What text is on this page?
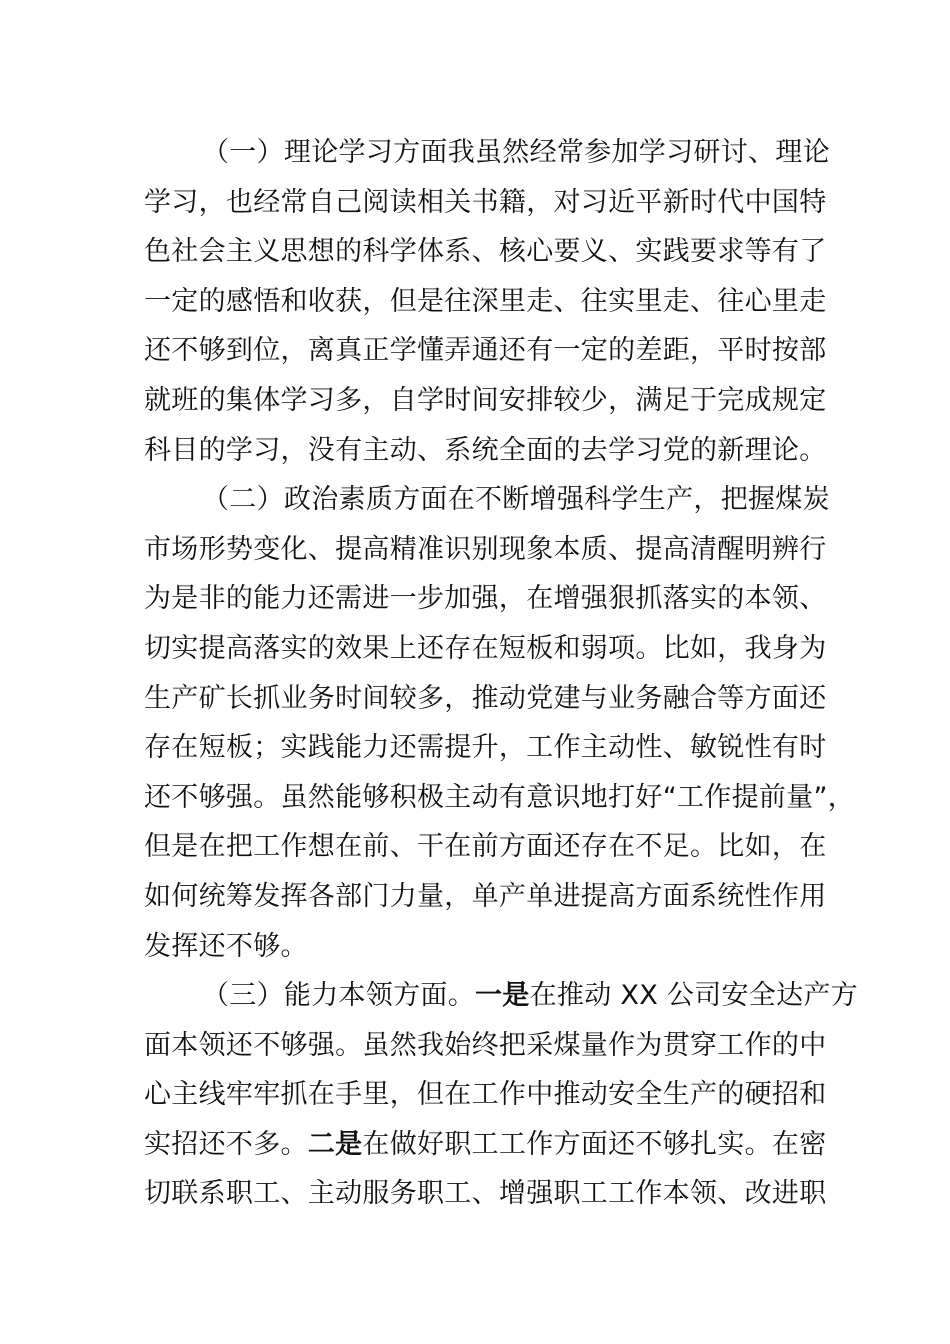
（一）理论学习方面我虽然经常参加学习研讨、理论
学习，也经常自己阅读相关书籍，对习近平新时代中国特
色社会主义思想的科学体系、核心要义、实践要求等有了
一定的感悟和收获，但是往深里走、往实里走、往心里走
还不够到位，离真正学懂弄通还有一定的差距，平时按部
就班的集体学习多，自学时间安排较少，满足于完成规定
科目的学习，没有主动、系统全面的去学习党的新理论。
（二）政治素质方面在不断增强科学生产，把握煤炭
市场形势变化、提高精准识别现象本质、提高清醒明辨行
为是非的能力还需进一步加强，在增强狠抓落实的本领、
切实提高落实的效果上还存在短板和弱项。比如，我身为
生产矿长抓业务时间较多，推动党建与业务融合等方面还
存在短板；实践能力还需提升，工作主动性、敏锐性有时
还不够强。虽然能够积极主动有意识地打好“工作提前量”，
但是在把工作想在前、干在前方面还存在不足。比如，在
如何统筹发挥各部门力量，单产单进提高方面系统性作用
发挥还不够。
（三）能力本领方面。一是在推动 XX 公司安全达产方
面本领还不够强。虽然我始终把采煤量作为贯穿工作的中
心主线牢牢抓在手里，但在工作中推动安全生产的硬招和
实招还不多。二是在做好职工工作方面还不够扎实。在密
切联系职工、主动服务职工、增强职工工作本领、改进职
